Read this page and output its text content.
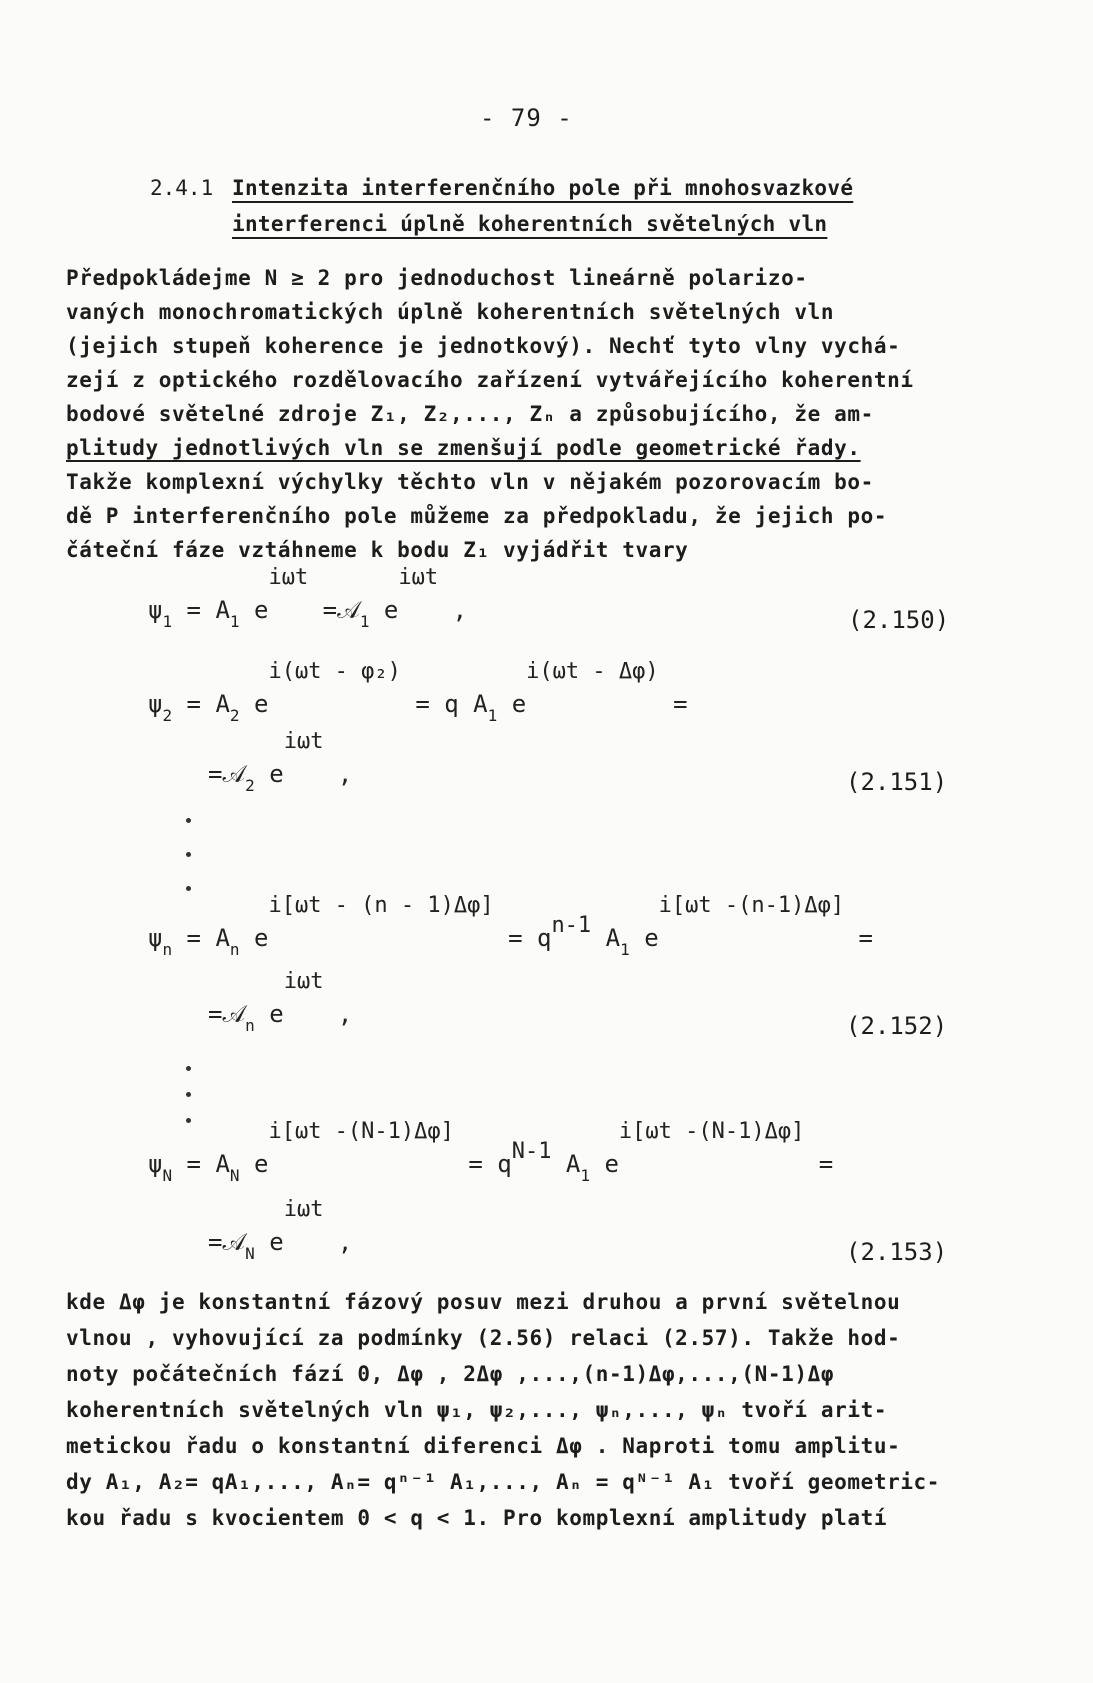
- 79 -
2.4.1 Intenzita interferenčního pole při mnohosvazkové
interferenci úplně koherentních světelných vln
Předpokládejme N ≥ 2 pro jednoduchost lineárně polarizo-
vaných monochromatických úplně koherentních světelných vln
(jejich stupeň koherence je jednotkový). Nechť tyto vlny vychá-
zejí z optického rozdělovacího zařízení vytvářejícího koherentní
bodové světelné zdroje Z₁, Z₂,..., Zₙ a způsobujícího, že am-
plitudy jednotlivých vln se zmenšují podle geometrické řady.
Takže komplexní výchylky těchto vln v nějakém pozorovacím bo-
dě P interferenčního pole můžeme za předpokladu, že jejich po-
čáteční fáze vztáhneme k bodu Z₁ vyjádřit tvary
$\psi_1 = A_1$ eiωt =𝒜$_1$ eiωt ,	(2.150)
$\psi_2 = A_2$ ei(ωt - φ₂) = q $A_1$ ei(ωt - Δφ) =
=𝒜$_2$ eiωt ,	(2.151)
$\psi_n = A_n$ ei[ωt - (n - 1)Δφ] = qn-1 $A_1$ ei[ωt -(n-1)Δφ] =
=𝒜$_n$ eiωt ,	(2.152)
$\psi_N = A_N$ ei[ωt -(N-1)Δφ] = qN-1 $A_1$ ei[ωt -(N-1)Δφ] =
=𝒜$_N$ eiωt ,	(2.153)
kde Δφ je konstantní fázový posuv mezi druhou a první světelnou
vlnou , vyhovující za podmínky (2.56) relaci (2.57). Takže hod-
noty počátečních fází 0, Δφ , 2Δφ ,...,(n-1)Δφ,...,(N-1)Δφ
koherentních světelných vln ψ₁, ψ₂,..., ψₙ,..., ψₙ tvoří arit-
metickou řadu o konstantní diferenci Δφ . Naproti tomu amplitu-
dy A₁, A₂= qA₁,..., Aₙ= qⁿ⁻¹ A₁,..., Aₙ = qᴺ⁻¹ A₁ tvoří geometric-
kou řadu s kvocientem 0 < q < 1. Pro komplexní amplitudy platí
